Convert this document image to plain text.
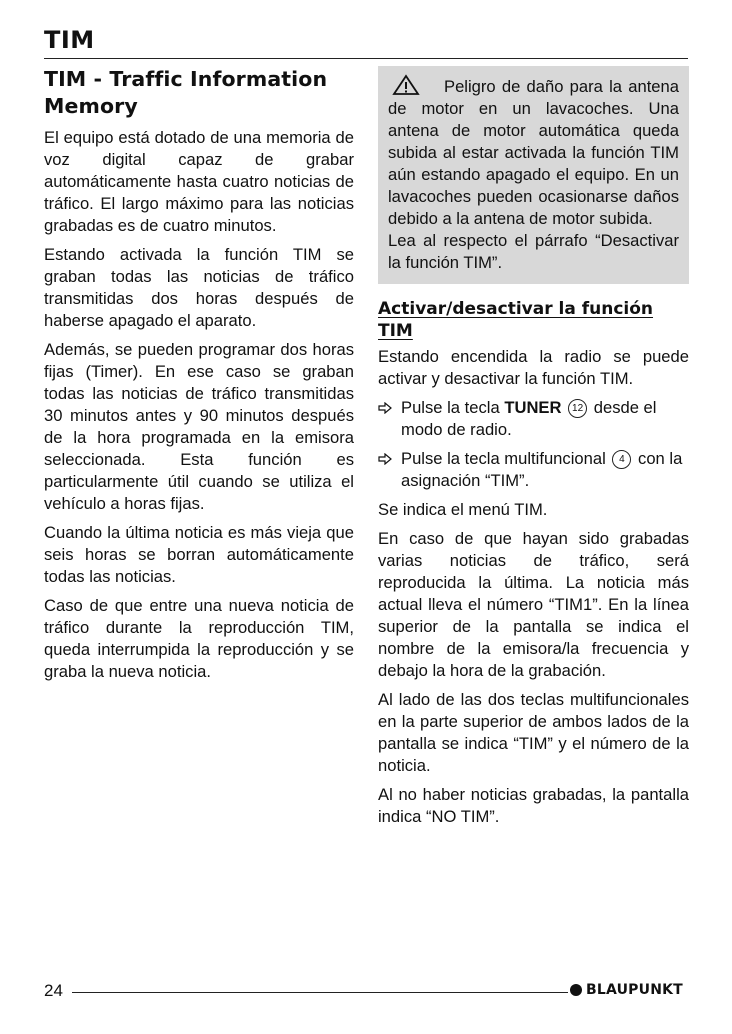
TIM
TIM - Traffic Information Memory

El equipo está dotado de una memoria de voz digital capaz de grabar automáticamente hasta cuatro noticias de tráfico. El largo máximo para las noticias grabadas es de cuatro minutos.

Estando activada la función TIM se graban todas las noticias de tráfico transmitidas dos horas después de haberse apagado el aparato.

Además, se pueden programar dos horas fijas (Timer). En ese caso se graban todas las noticias de tráfico transmitidas 30 minutos antes y 90 minutos después de la hora programada en la emisora seleccionada. Esta función es particularmente útil cuando se utiliza el vehículo a horas fijas.

Cuando la última noticia es más vieja que seis horas se borran automáticamente todas las noticias.

Caso de que entre una nueva noticia de tráfico durante la reproducción TIM, queda interrumpida la reproducción y se graba la nueva noticia.

Peligro de daño para la antena de motor en un lavacoches. Una antena de motor automática queda subida al estar activada la función TIM aún estando apagado el equipo. En un lavacoches pueden ocasionarse daños debido a la antena de motor subida.

Lea al respecto el párrafo “Desactivar la función TIM”.

Activar/desactivar la función TIM

Estando encendida la radio se puede activar y desactivar la función TIM.

Pulse la tecla TUNER 12 desde el modo de radio.
Pulse la tecla multifuncional 4 con la asignación “TIM”.

Se indica el menú TIM.

En caso de que hayan sido grabadas varias noticias de tráfico, será reproducida la última. La noticia más actual lleva el número “TIM1”. En la línea superior de la pantalla se indica el nombre de la emisora/la frecuencia y debajo la hora de la grabación.

Al lado de las dos teclas multifuncionales en la parte superior de ambos lados de la pantalla se indica “TIM” y el número de la noticia.

Al no haber noticias grabadas, la pantalla indica “NO TIM”.

24	BLAUPUNKT
